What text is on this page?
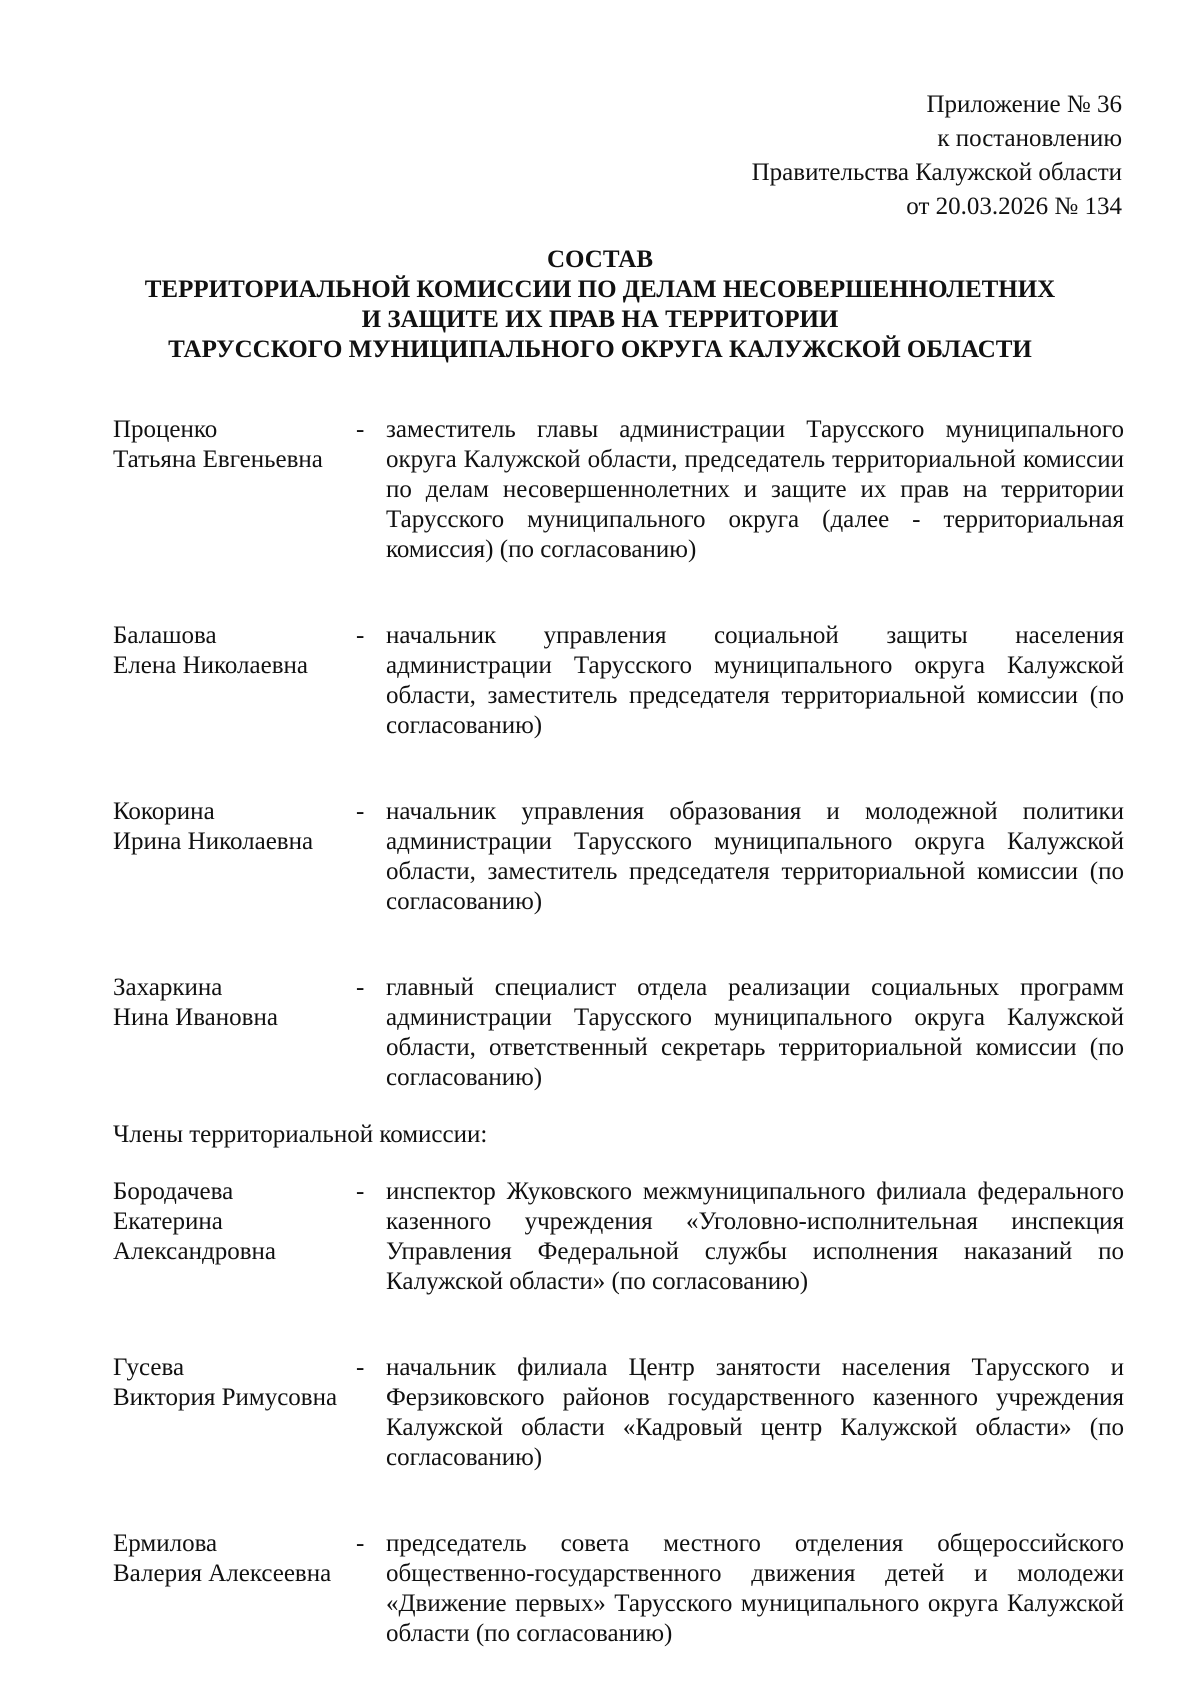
Приложение № 36
к постановлению
Правительства Калужской области
от 20.03.2026 № 134
СОСТАВ
ТЕРРИТОРИАЛЬНОЙ КОМИССИИ ПО ДЕЛАМ НЕСОВЕРШЕННОЛЕТНИХ
И ЗАЩИТЕ ИХ ПРАВ НА ТЕРРИТОРИИ
ТАРУССКОГО МУНИЦИПАЛЬНОГО ОКРУГА КАЛУЖСКОЙ ОБЛАСТИ
Проценко
Татьяна Евгеньевна
- заместитель главы администрации Тарусского муниципального округа Калужской области, председатель территориальной комиссии по делам несовершеннолетних и защите их прав на территории Тарусского муниципального округа (далее - территориальная комиссия) (по согласованию)
Балашова
Елена Николаевна
- начальник управления социальной защиты населения администрации Тарусского муниципального округа Калужской области, заместитель председателя территориальной комиссии (по согласованию)
Кокорина
Ирина Николаевна
- начальник управления образования и молодежной политики администрации Тарусского муниципального округа Калужской области, заместитель председателя территориальной комиссии (по согласованию)
Захаркина
Нина Ивановна
- главный специалист отдела реализации социальных программ администрации Тарусского муниципального округа Калужской области, ответственный секретарь территориальной комиссии (по согласованию)
Члены территориальной комиссии:
Бородачева
Екатерина
Александровна
- инспектор Жуковского межмуниципального филиала федерального казенного учреждения «Уголовно-исполнительная инспекция Управления Федеральной службы исполнения наказаний по Калужской области» (по согласованию)
Гусева
Виктория Римусовна
- начальник филиала Центр занятости населения Тарусского и Ферзиковского районов государственного казенного учреждения Калужской области «Кадровый центр Калужской области» (по согласованию)
Ермилова
Валерия Алексеевна
- председатель совета местного отделения общероссийского общественно-государственного движения детей и молодежи «Движение первых» Тарусского муниципального округа Калужской области (по согласованию)
